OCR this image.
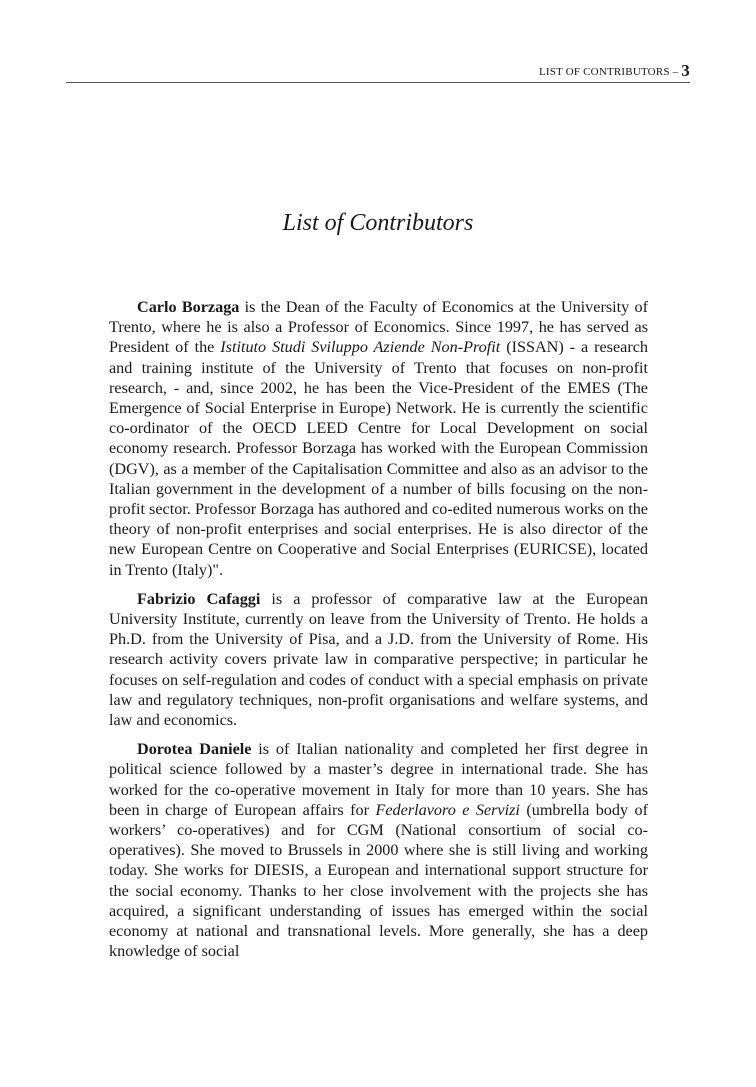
LIST OF CONTRIBUTORS – 3
List of Contributors

Carlo Borzaga is the Dean of the Faculty of Economics at the University of Trento, where he is also a Professor of Economics. Since 1997, he has served as President of the Istituto Studi Sviluppo Aziende Non-Profit (ISSAN) - a research and training institute of the University of Trento that focuses on non-profit research, - and, since 2002, he has been the Vice-President of the EMES (The Emergence of Social Enterprise in Europe) Network. He is currently the scientific co-ordinator of the OECD LEED Centre for Local Development on social economy research. Professor Borzaga has worked with the European Commission (DGV), as a member of the Capitalisation Committee and also as an advisor to the Italian government in the development of a number of bills focusing on the non-profit sector. Professor Borzaga has authored and co-edited numerous works on the theory of non-profit enterprises and social enterprises. He is also director of the new European Centre on Cooperative and Social Enterprises (EURICSE), located in Trento (Italy)".

Fabrizio Cafaggi is a professor of comparative law at the European University Institute, currently on leave from the University of Trento. He holds a Ph.D. from the University of Pisa, and a J.D. from the University of Rome. His research activity covers private law in comparative perspective; in particular he focuses on self-regulation and codes of conduct with a special emphasis on private law and regulatory techniques, non-profit organisations and welfare systems, and law and economics.

Dorotea Daniele is of Italian nationality and completed her first degree in political science followed by a master’s degree in international trade. She has worked for the co-operative movement in Italy for more than 10 years. She has been in charge of European affairs for Federlavoro e Servizi (umbrella body of workers’ co-operatives) and for CGM (National consortium of social co-operatives). She moved to Brussels in 2000 where she is still living and working today. She works for DIESIS, a European and international support structure for the social economy. Thanks to her close involvement with the projects she has acquired, a significant understanding of issues has emerged within the social economy at national and transnational levels. More generally, she has a deep knowledge of social
